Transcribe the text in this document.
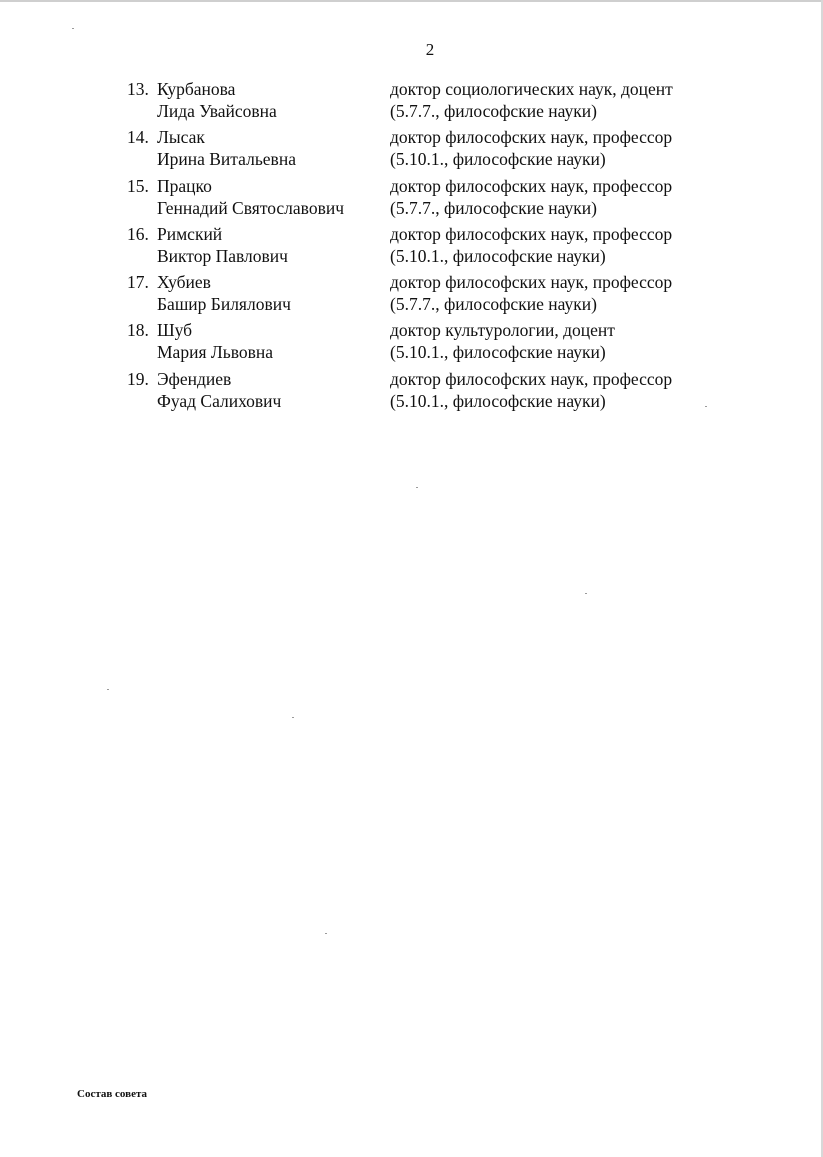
2
13. Курбанова
Лида Увайсовна
доктор социологических наук, доцент
(5.7.7., философские науки)
14. Лысак
Ирина Витальевна
доктор философских наук, профессор
(5.10.1., философские науки)
15. Працко
Геннадий Святославович
доктор философских наук, профессор
(5.7.7., философские науки)
16. Римский
Виктор Павлович
доктор философских наук, профессор
(5.10.1., философские науки)
17. Хубиев
Башир Билялович
доктор философских наук, профессор
(5.7.7., философские науки)
18. Шуб
Мария Львовна
доктор культурологии, доцент
(5.10.1., философские науки)
19. Эфендиев
Фуад Салихович
доктор философских наук, профессор
(5.10.1., философские науки)
Состав совета
